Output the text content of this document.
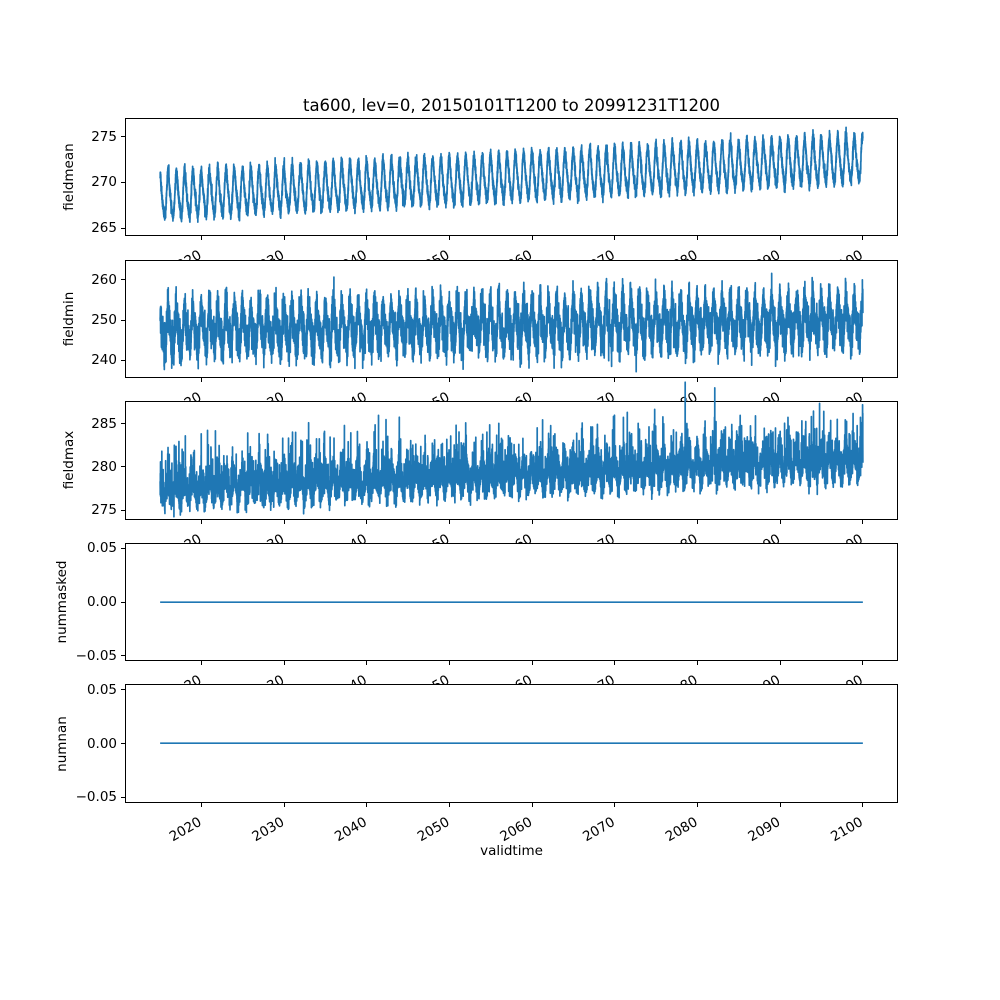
ta600, lev=0, 20150101T1200 to 20991231T1200
265
270
275
fieldmean
240
250
260
fieldmin
275
280
285
fieldmax
−0.05
0.00
0.05
nummasked
−0.05
0.00
0.05
2020	2030	2040	2050	2060	2070	2080	2090	2100
numnan
validtime
